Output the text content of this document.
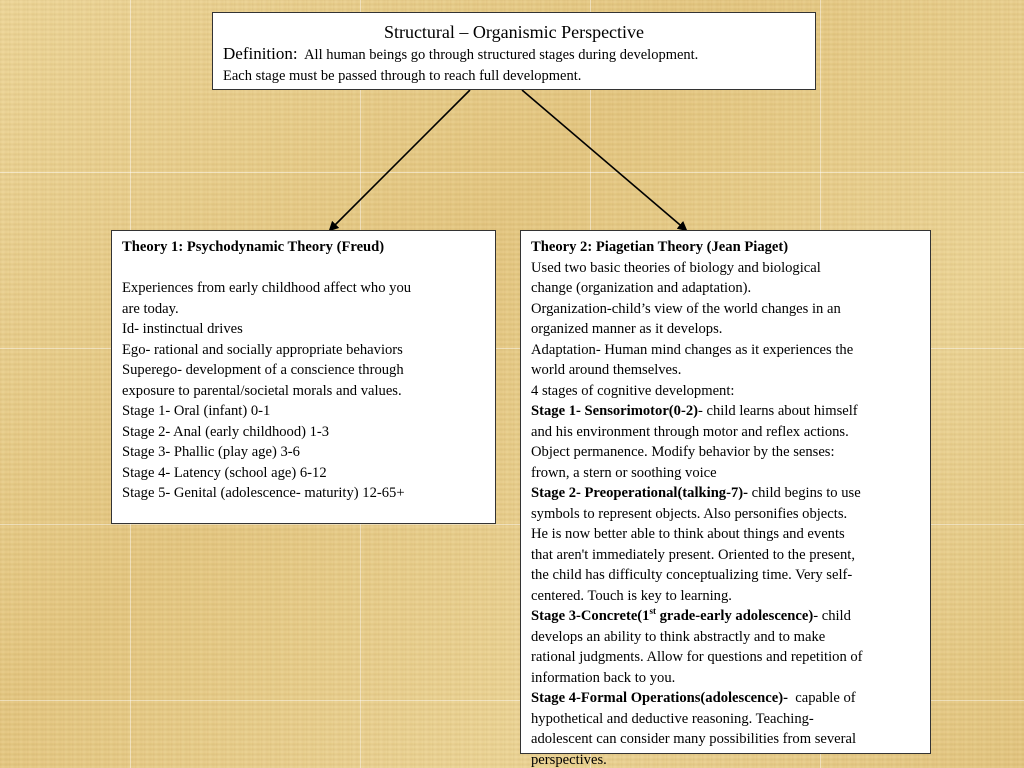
Structural – Organismic Perspective
Definition: All human beings go through structured stages during development.
Each stage must be passed through to reach full development.
Theory 1: Psychodynamic Theory (Freud)
Experiences from early childhood affect who you
are today.
Id- instinctual drives
Ego- rational and socially appropriate behaviors
Superego- development of a conscience through
exposure to parental/societal morals and values.
Stage 1- Oral (infant) 0-1
Stage 2- Anal (early childhood) 1-3
Stage 3- Phallic (play age) 3-6
Stage 4- Latency (school age) 6-12
Stage 5- Genital (adolescence- maturity) 12-65+
Theory 2: Piagetian Theory (Jean Piaget)
Used two basic theories of biology and biological
change (organization and adaptation).
Organization-child’s view of the world changes in an
organized manner as it develops.
Adaptation- Human mind changes as it experiences the
world around themselves.
4 stages of cognitive development:
Stage 1- Sensorimotor(0-2)- child learns about himself
and his environment through motor and reflex actions.
Object permanence. Modify behavior by the senses:
frown, a stern or soothing voice
Stage 2- Preoperational(talking-7)- child begins to use
symbols to represent objects. Also personifies objects.
He is now better able to think about things and events
that aren't immediately present. Oriented to the present,
the child has difficulty conceptualizing time. Very self-
centered. Touch is key to learning.
Stage 3-Concrete(1st grade-early adolescence)- child
develops an ability to think abstractly and to make
rational judgments. Allow for questions and repetition of
information back to you.
Stage 4-Formal Operations(adolescence)-  capable of
hypothetical and deductive reasoning. Teaching-
adolescent can consider many possibilities from several
perspectives.
